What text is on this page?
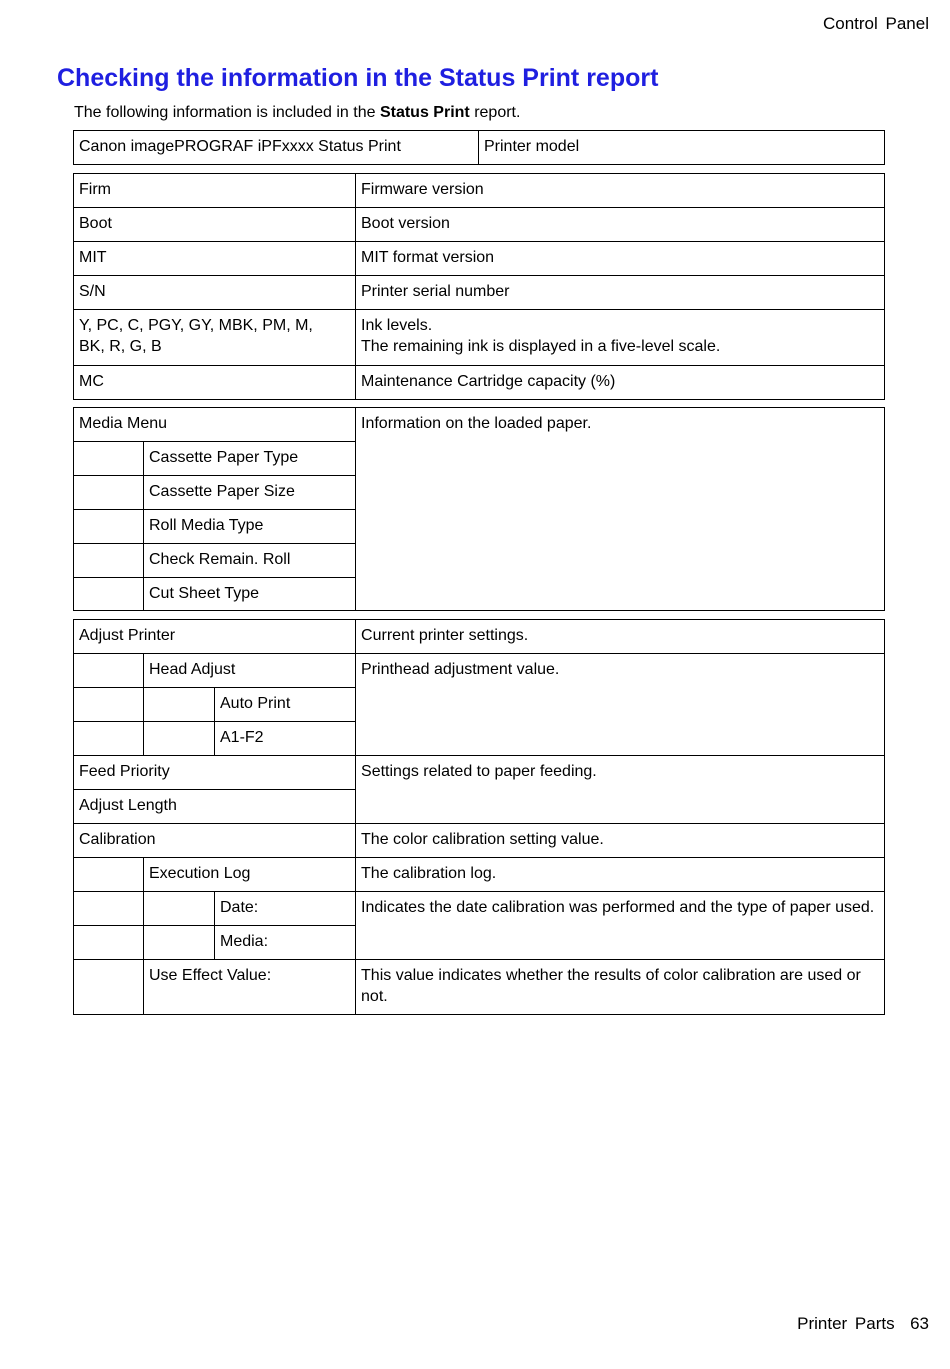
Control Panel
Checking the information in the Status Print report
The following information is included in the Status Print report.
Canon imagePROGRAF iPFxxxx Status Print	Printer model
Firm	Firmware version
Boot	Boot version
MIT	MIT format version
S/N	Printer serial number
Y, PC, C, PGY, GY, MBK, PM, M,
BK, R, G, B	Ink levels.
The remaining ink is displayed in a five-level scale.
MC	Maintenance Cartridge capacity (%)
Media Menu		Information on the loaded paper.
	Cassette Paper Type	
	Cassette Paper Size	
	Roll Media Type	
	Check Remain. Roll	
	Cut Sheet Type	
Adjust Printer			Current printer settings.
	Head Adjust		Printhead adjustment value.
		Auto Print	
		A1-F2	
Feed Priority			Settings related to paper feeding.
Adjust Length			
Calibration			The color calibration setting value.
	Execution Log		The calibration log.
		Date:	Indicates the date calibration was performed and the type of paper used.
		Media:	
	Use Effect Value:		This value indicates whether the results of color calibration are used or not.
Printer Parts 63
